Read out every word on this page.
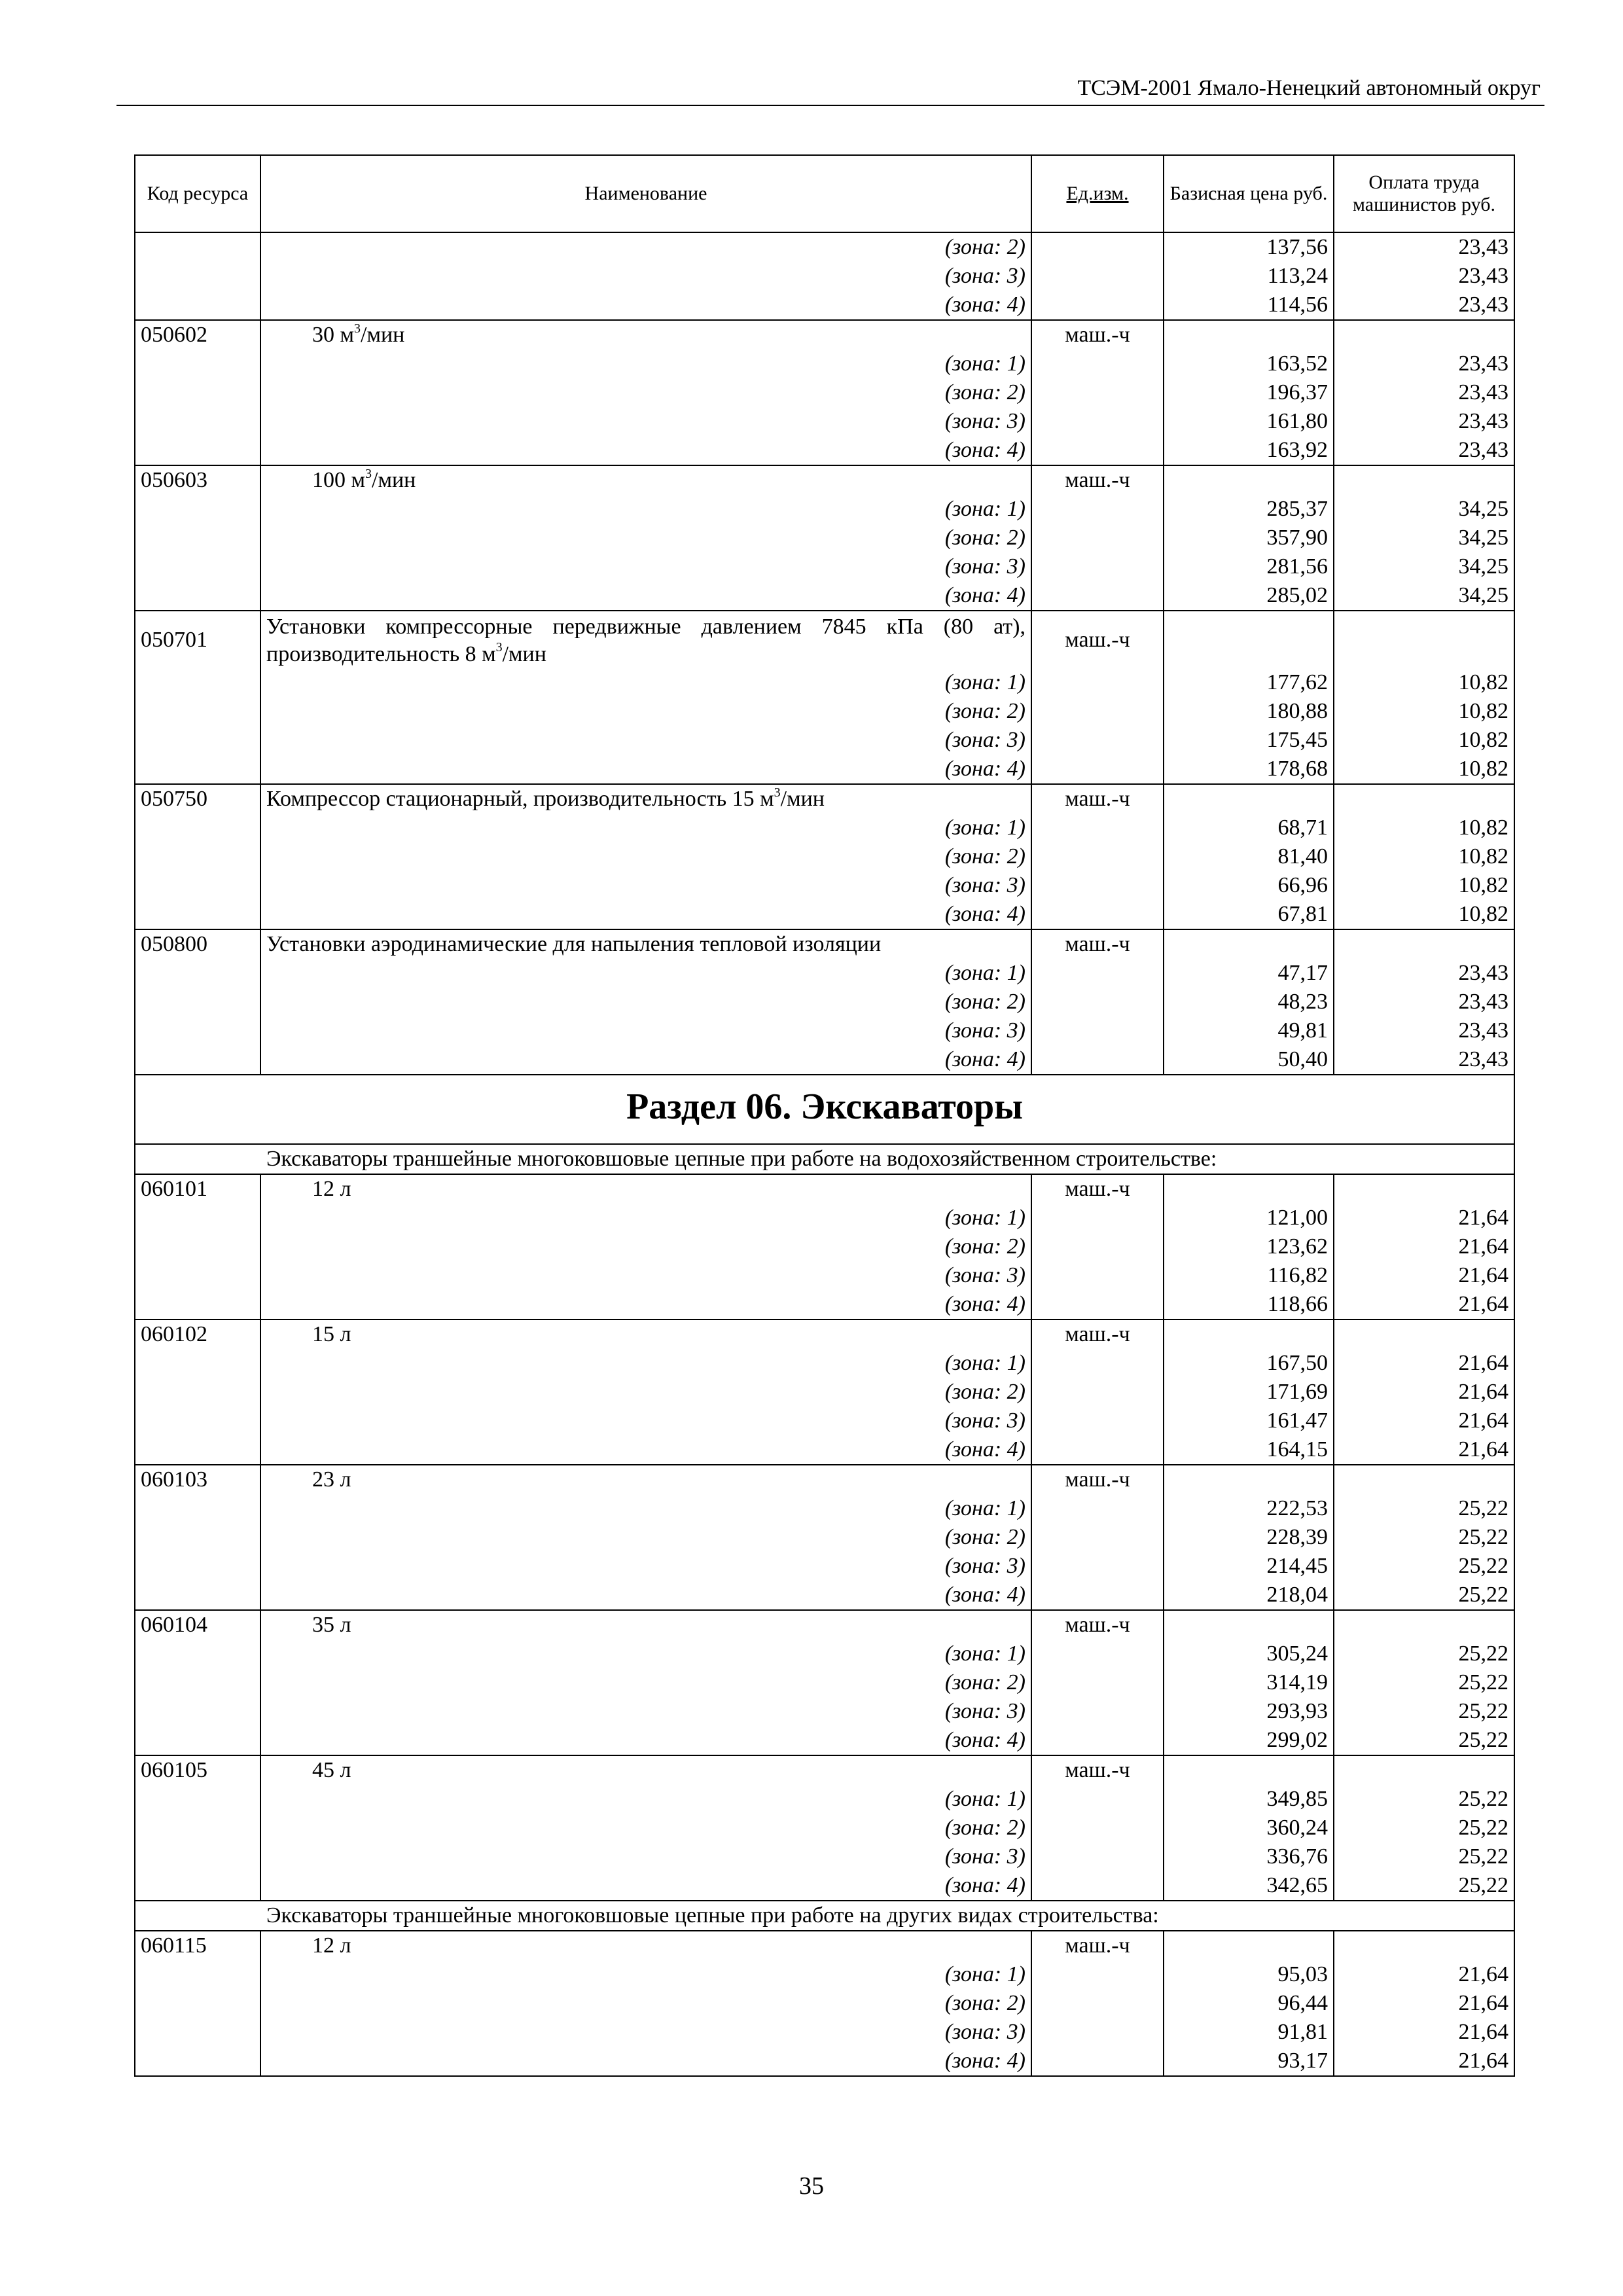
ТСЭМ-2001 Ямало-Ненецкий автономный округ
Код ресурса	Наименование	Ед.изм.	Базисная цена руб.	Оплата труда машинистов руб.
	(зона: 2)		137,56	23,43
	(зона: 3)		113,24	23,43
	(зона: 4)		114,56	23,43
050602	30 $м^3$/мин	маш.-ч		
	(зона: 1)		163,52	23,43
	(зона: 2)		196,37	23,43
	(зона: 3)		161,80	23,43
	(зона: 4)		163,92	23,43
050603	100 $м^3$/мин	маш.-ч		
	(зона: 1)		285,37	34,25
	(зона: 2)		357,90	34,25
	(зона: 3)		281,56	34,25
	(зона: 4)		285,02	34,25
050701	Установки компрессорные передвижные давлением 7845 кПа (80 ат), производительность 8 $м^3$/мин	маш.-ч		
	(зона: 1)		177,62	10,82
	(зона: 2)		180,88	10,82
	(зона: 3)		175,45	10,82
	(зона: 4)		178,68	10,82
050750	Компрессор стационарный, производительность 15 $м^3$/мин	маш.-ч		
	(зона: 1)		68,71	10,82
	(зона: 2)		81,40	10,82
	(зона: 3)		66,96	10,82
	(зона: 4)		67,81	10,82
050800	Установки аэродинамические для напыления тепловой изоляции	маш.-ч		
	(зона: 1)		47,17	23,43
	(зона: 2)		48,23	23,43
	(зона: 3)		49,81	23,43
	(зона: 4)		50,40	23,43
Раздел 06. Экскаваторы				
Экскаваторы траншейные многоковшовые цепные при работе на водохозяйственном строительстве:				
060101	12 л	маш.-ч		
	(зона: 1)		121,00	21,64
	(зона: 2)		123,62	21,64
	(зона: 3)		116,82	21,64
	(зона: 4)		118,66	21,64
060102	15 л	маш.-ч		
	(зона: 1)		167,50	21,64
	(зона: 2)		171,69	21,64
	(зона: 3)		161,47	21,64
	(зона: 4)		164,15	21,64
060103	23 л	маш.-ч		
	(зона: 1)		222,53	25,22
	(зона: 2)		228,39	25,22
	(зона: 3)		214,45	25,22
	(зона: 4)		218,04	25,22
060104	35 л	маш.-ч		
	(зона: 1)		305,24	25,22
	(зона: 2)		314,19	25,22
	(зона: 3)		293,93	25,22
	(зона: 4)		299,02	25,22
060105	45 л	маш.-ч		
	(зона: 1)		349,85	25,22
	(зона: 2)		360,24	25,22
	(зона: 3)		336,76	25,22
	(зона: 4)		342,65	25,22
Экскаваторы траншейные многоковшовые цепные при работе на других видах строительства:				
060115	12 л	маш.-ч		
	(зона: 1)		95,03	21,64
	(зона: 2)		96,44	21,64
	(зона: 3)		91,81	21,64
	(зона: 4)		93,17	21,64
35
